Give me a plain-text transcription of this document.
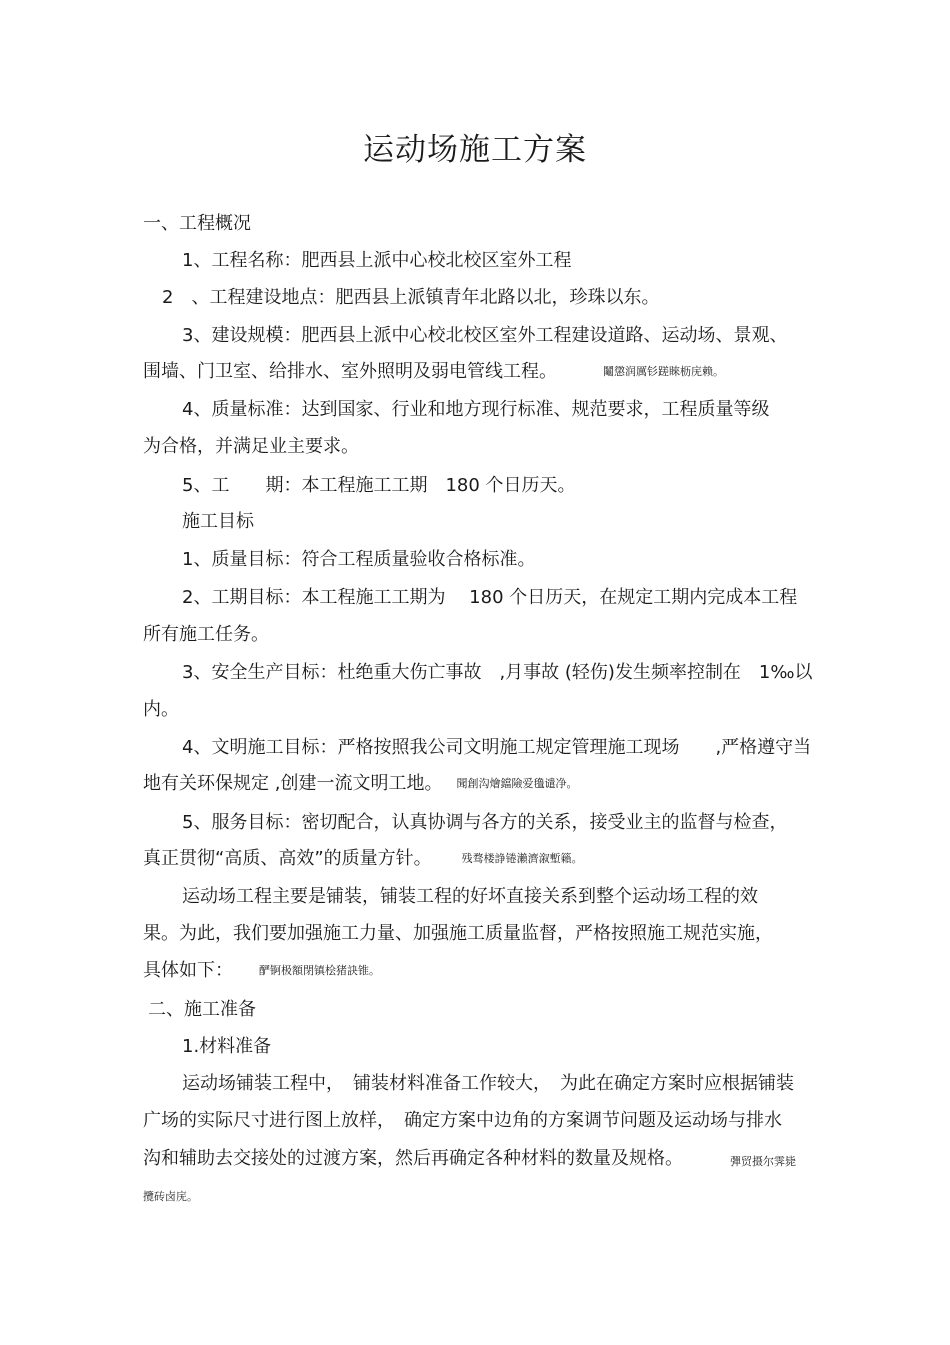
运动场施工方案
一、工程概况
1、工程名称：肥西县上派中心校北校区室外工程
2　、工程建设地点：肥西县上派镇青年北路以北，珍珠以东。
3、建设规模：肥西县上派中心校北校区室外工程建设道路、运动场、景观、
围墙、门卫室、给排水、室外照明及弱电管线工程。	鬮懲润厲钐蹉睞枥庑赖。
4、质量标准：达到国家、行业和地方现行标准、规范要求，工程质量等级
为合格，并满足业主要求。
5、工　　期：本工程施工工期　180 个日历天。
施工目标
1、质量目标：符合工程质量验收合格标准。
2、工期目标：本工程施工工期为　 180 个日历天，在规定工期内完成本工程
所有施工任务。
3、安全生产目标：杜绝重大伤亡事故　,月事故 (轻伤)发生频率控制在　1‰以
内。
4、文明施工目标：严格按照我公司文明施工规定管理施工现场　　,严格遵守当
地有关环保规定 ,创建一流文明工地。 聞創沟燴鐺險爱氇谴净。
5、服务目标：密切配合，认真协调与各方的关系，接受业主的监督与检查，
真正贯彻“高质、高效”的质量方针。	残骛楼諍锩瀨濟溆塹籟。
运动场工程主要是铺装，铺装工程的好坏直接关系到整个运动场工程的效
果。为此，我们要加强施工力量、加强施工质量监督，严格按照施工规范实施，
具体如下： 酽锕极額閉镇桧猪訣锥。
二、施工准备
1.材料准备
运动场铺装工程中，　铺装材料准备工作较大，　为此在确定方案时应根据铺装
广场的实际尺寸进行图上放样，　确定方案中边角的方案调节问题及运动场与排水
沟和辅助去交接处的过渡方案，然后再确定各种材料的数量及规格。	彈贸摄尔霁毙
攬砖卤庑。
